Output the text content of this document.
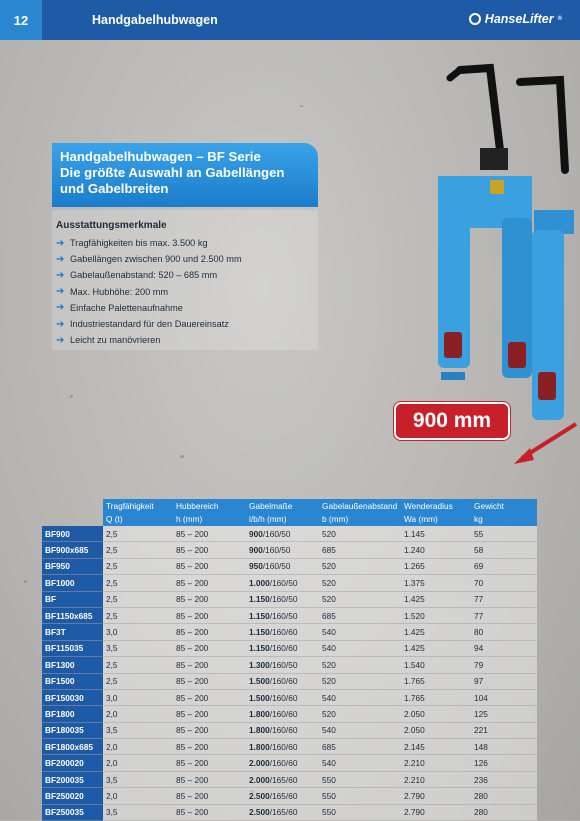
12	Handgabelhubwagen	HanseLifter ®
900 mm
Handgabelhubwagen – BF Serie
Die größte Auswahl an Gabellängen
und Gabelbreiten
Ausstattungsmerkmale
➔ Tragfähigkeiten bis max. 3.500 kg
➔ Gabellängen zwischen 900 und 2.500 mm
➔ Gabelaußenabstand: 520 – 685 mm
➔ Max. Hubhöhe: 200 mm
➔ Einfache Palettenaufnahme
➔ Industriestandard für den Dauereinsatz
➔ Leicht zu manövrieren
	Tragfähigkeit	Hubbereich	Gabelmaße	Gabelaußenabstand	Wenderadius	Gewicht
	Q (t)	h (mm)	l/b/h (mm)	b (mm)	Wa (mm)	kg
BF900	2,5	85 – 200	900/160/50	520	1.145	55
BF900x685	2,5	85 – 200	900/160/50	685	1.240	58
BF950	2,5	85 – 200	950/160/50	520	1.265	69
BF1000	2,5	85 – 200	1.000/160/50	520	1.375	70
BF	2,5	85 – 200	1.150/160/50	520	1.425	77
BF1150x685	2,5	85 – 200	1.150/160/50	685	1.520	77
BF3T	3,0	85 – 200	1.150/160/60	540	1.425	80
BF115035	3,5	85 – 200	1.150/160/60	540	1.425	94
BF1300	2,5	85 – 200	1.300/160/50	520	1.540	79
BF1500	2,5	85 – 200	1.500/160/60	520	1.765	97
BF150030	3,0	85 – 200	1.500/160/60	540	1.765	104
BF1800	2,0	85 – 200	1.800/160/60	520	2.050	125
BF180035	3,5	85 – 200	1.800/160/60	540	2.050	221
BF1800x685	2,0	85 – 200	1.800/160/60	685	2.145	148
BF200020	2,0	85 – 200	2.000/160/60	540	2.210	126
BF200035	3,5	85 – 200	2.000/165/60	550	2.210	236
BF250020	2,0	85 – 200	2.500/165/60	550	2.790	280
BF250035	3,5	85 – 200	2.500/165/60	550	2.790	280
